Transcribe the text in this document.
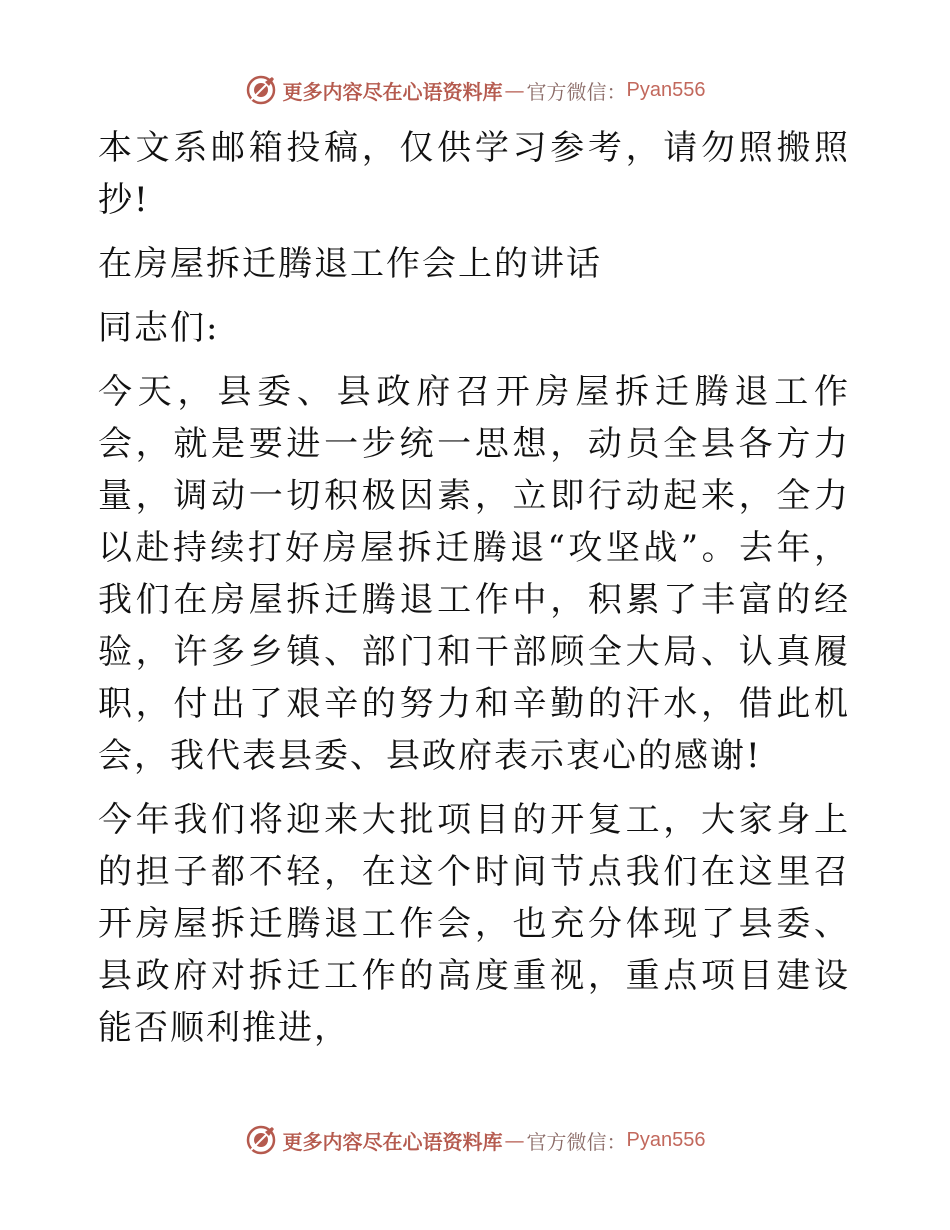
更多内容尽在心语资料库 — 官方微信： Pyan556

本文系邮箱投稿，仅供学习参考，请勿照搬照抄!

在房屋拆迁腾退工作会上的讲话

同志们:

今天，县委、县政府召开房屋拆迁腾退工作会，就是要进一步统一思想，动员全县各方力量，调动一切积极因素，立即行动起来，全力以赴持续打好房屋拆迁腾退“攻坚战”。去年，我们在房屋拆迁腾退工作中，积累了丰富的经验，许多乡镇、部门和干部顾全大局、认真履职，付出了艰辛的努力和辛勤的汗水，借此机会，我代表县委、县政府表示衷心的感谢!

今年我们将迎来大批项目的开复工，大家身上的担子都不轻，在这个时间节点我们在这里召开房屋拆迁腾退工作会，也充分体现了县委、县政府对拆迁工作的高度重视，重点项目建设能否顺利推进，

更多内容尽在心语资料库 — 官方微信： Pyan556
